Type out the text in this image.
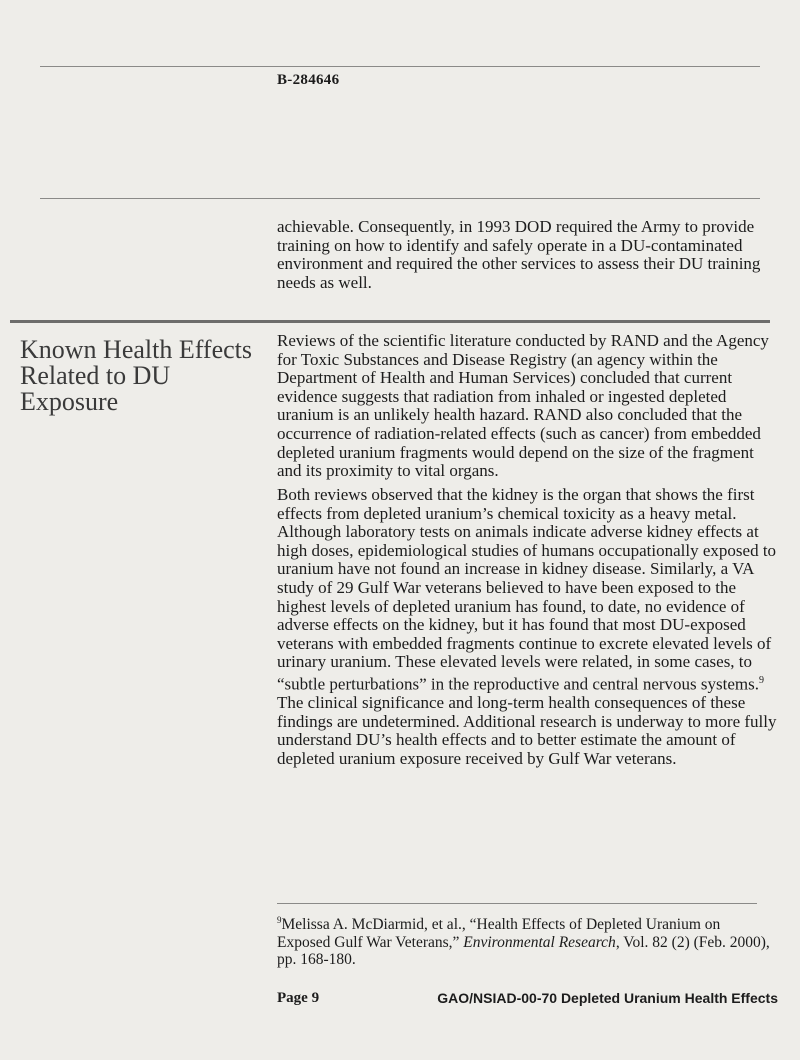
B-284646

achievable. Consequently, in 1993 DOD required the Army to provide training on how to identify and safely operate in a DU-contaminated environment and required the other services to assess their DU training needs as well.

Known Health Effects
Related to DU
Exposure

Reviews of the scientific literature conducted by RAND and the Agency for Toxic Substances and Disease Registry (an agency within the Department of Health and Human Services) concluded that current evidence suggests that radiation from inhaled or ingested depleted uranium is an unlikely health hazard. RAND also concluded that the occurrence of radiation-related effects (such as cancer) from embedded depleted uranium fragments would depend on the size of the fragment and its proximity to vital organs.

Both reviews observed that the kidney is the organ that shows the first effects from depleted uranium’s chemical toxicity as a heavy metal. Although laboratory tests on animals indicate adverse kidney effects at high doses, epidemiological studies of humans occupationally exposed to uranium have not found an increase in kidney disease. Similarly, a VA study of 29 Gulf War veterans believed to have been exposed to the highest levels of depleted uranium has found, to date, no evidence of adverse effects on the kidney, but it has found that most DU-exposed veterans with embedded fragments continue to excrete elevated levels of urinary uranium. These elevated levels were related, in some cases, to “subtle perturbations” in the reproductive and central nervous systems.$^9$ The clinical significance and long-term health consequences of these findings are undetermined. Additional research is underway to more fully understand DU’s health effects and to better estimate the amount of depleted uranium exposure received by Gulf War veterans.

$^9$Melissa A. McDiarmid, et al., “Health Effects of Depleted Uranium on Exposed Gulf War Veterans,” Environmental Research, Vol. 82 (2) (Feb. 2000), pp. 168-180.

Page 9	GAO/NSIAD-00-70 Depleted Uranium Health Effects
